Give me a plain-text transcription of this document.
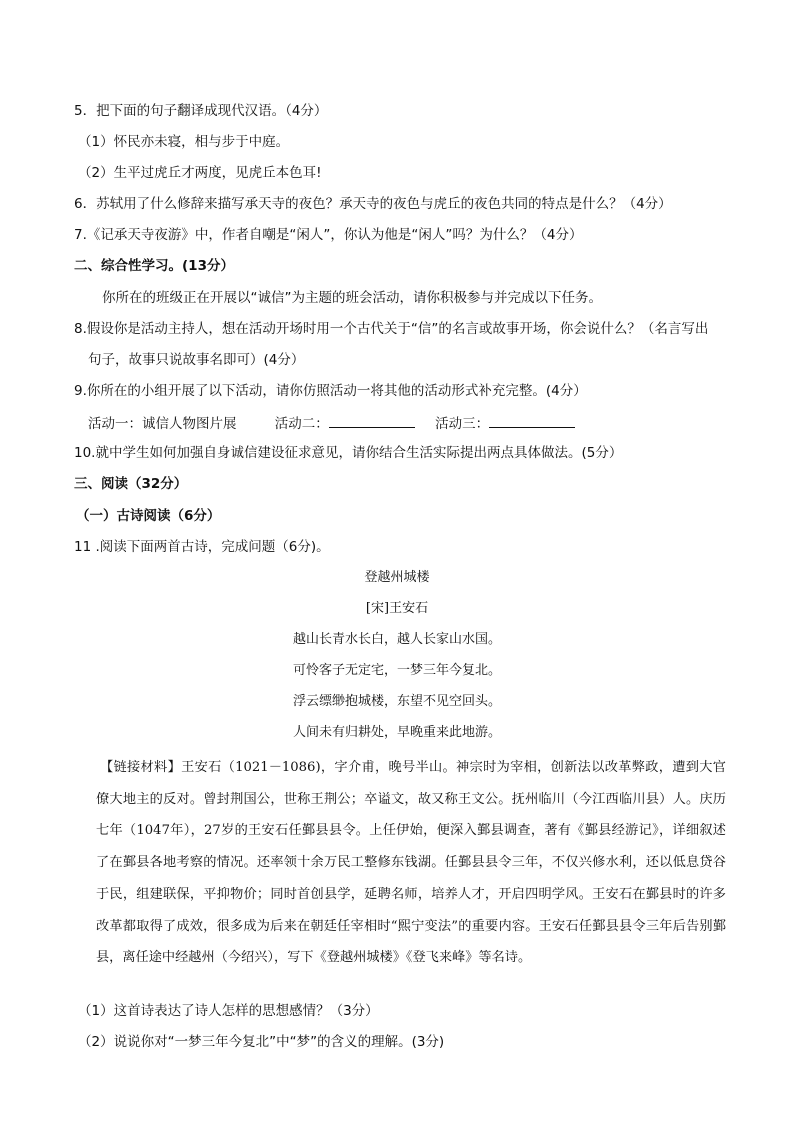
5．把下面的句子翻译成现代汉语。（4分）
（1）怀民亦未寝，相与步于中庭。
（2）生平过虎丘才两度，见虎丘本色耳!
6．苏轼用了什么修辞来描写承天寺的夜色？承天寺的夜色与虎丘的夜色共同的特点是什么？（4分）
7.《记承天寺夜游》中，作者自嘲是“闲人”，你认为他是“闲人”吗？为什么？（4分）
二、综合性学习。(13分）
你所在的班级正在开展以“诚信”为主题的班会活动，请你积极参与并完成以下任务。
8.假设你是活动主持人，想在活动开场时用一个古代关于“信”的名言或故事开场，你会说什么？（名言写出
句子，故事只说故事名即可）(4分）
9.你所在的小组开展了以下活动，请你仿照活动一将其他的活动形式补充完整。(4分）
活动一：诚信人物图片展	活动二：	活动三：
10.就中学生如何加强自身诚信建设征求意见，请你结合生活实际提出两点具体做法。(5分）
三、阅读（32分）
（一）古诗阅读（6分）
11 .阅读下面两首古诗，完成问题（6分)。
登越州城楼
[宋]王安石
越山长青水长白，越人长家山水国。
可怜客子无定宅，一梦三年今复北。
浮云缥缈抱城楼，东望不见空回头。
人间未有归耕处，早晚重来此地游。
【链接材料】王安石（1021－1086)，字介甫，晚号半山。神宗时为宰相，创新法以改革弊政，遭到大官僚大地主的反对。曾封荆国公，世称王荆公；卒谥文，故又称王文公。抚州临川（今江西临川县）人。庆历七年（1047年），27岁的王安石任鄞县县令。上任伊始，便深入鄞县调查，著有《鄞县经游记》，详细叙述了在鄞县各地考察的情况。还率领十余万民工整修东钱湖。任鄞县县令三年，不仅兴修水利，还以低息贷谷于民，组建联保，平抑物价；同时首创县学，延聘名师，培养人才，开启四明学风。王安石在鄞县时的许多改革都取得了成效，很多成为后来在朝廷任宰相时“熙宁变法”的重要内容。王安石任鄞县县令三年后告别鄞县，离任途中经越州（今绍兴），写下《登越州城楼》《登飞来峰》等名诗。
（1）这首诗表达了诗人怎样的思想感情？（3分）
（2）说说你对“一梦三年今复北”中“梦”的含义的理解。(3分)
